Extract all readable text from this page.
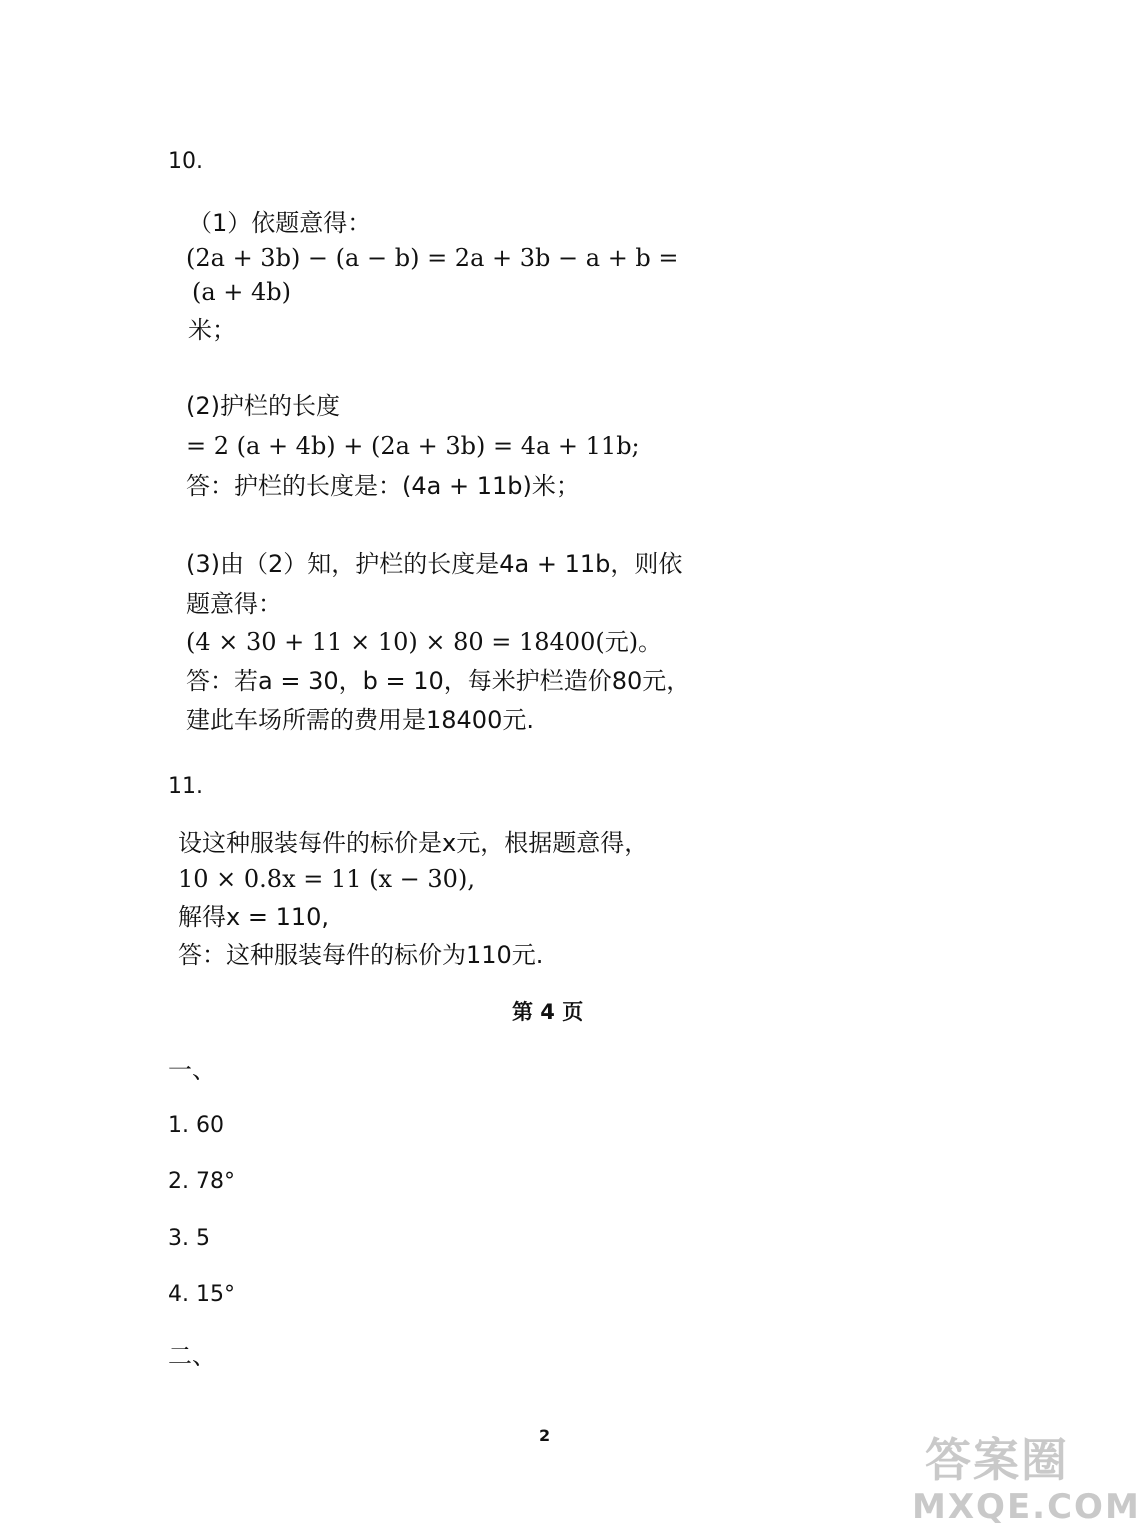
10.
（1）依题意得：
(2a + 3b) − (a − b) = 2a + 3b − a + b =
(a + 4b)
米；
(2)护栏的长度
= 2 (a + 4b) + (2a + 3b) = 4a + 11b;
答：护栏的长度是：(4a + 11b)米；
(3)由（2）知，护栏的长度是4a + 11b，则依
题意得：
(4 × 30 + 11 × 10) × 80 = 18400(元)。
答：若a = 30，b = 10，每米护栏造价80元，
建此车场所需的费用是18400元.
11.
设这种服装每件的标价是x元，根据题意得，
10 × 0.8x = 11 (x − 30),
解得x = 110,
答：这种服装每件的标价为110元.
第 4 页
一、
1. 60
2. 78°
3. 5
4. 15°
二、
2	答案圈
MXQE.COM
